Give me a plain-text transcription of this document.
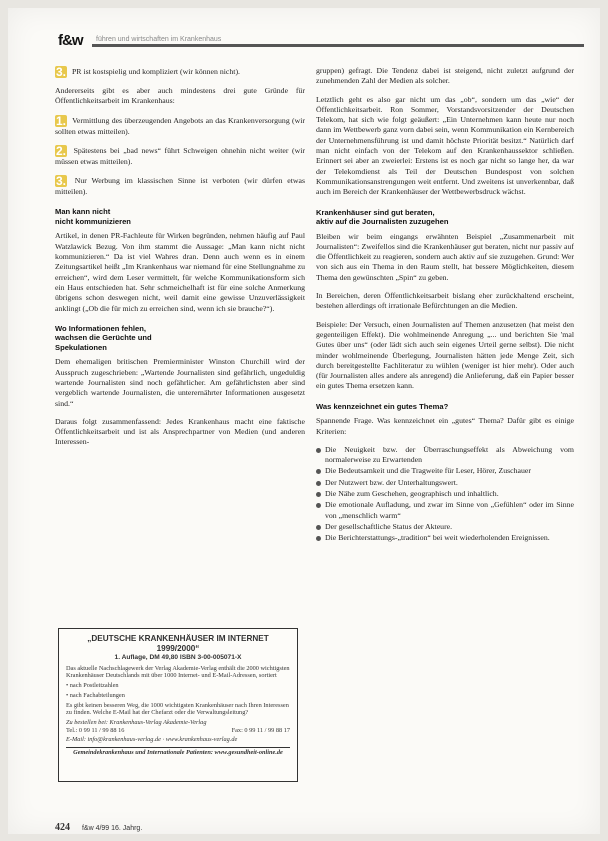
f&w führen und wirtschaften im Krankenhaus

3. PR ist kostspielig und kompliziert (wir können nicht).

Andererseits gibt es aber auch mindestens drei gute Gründe für Öffentlichkeitsarbeit im Krankenhaus:

1. Vermittlung des überzeugenden Angebots an das Krankenversorgung (wir sollten etwas mitteilen).

2. Spätestens bei „bad news“ führt Schweigen ohnehin nicht weiter (wir müssen etwas mitteilen).

3. Nur Werbung im klassischen Sinne ist verboten (wir dürfen etwas mitteilen).

Man kann nicht
nicht kommunizieren

Artikel, in denen PR-Fachleute für Wirken begründen, nehmen häufig auf Paul Watzlawick Bezug. Von ihm stammt die Aussage: „Man kann nicht nicht kommunizieren.“ Da ist viel Wahres dran. Denn auch wenn es in einem Zeitungsartikel heißt „Im Krankenhaus war niemand für eine Stellungnahme zu erreichen“, wird dem Leser vermittelt, für welche Kommunikationsform sich ein Haus entschieden hat. Sehr schmeichelhaft ist für eine solche Anmerkung übrigens schon deswegen nicht, weil damit eine gewisse Unzuverlässigkeit anklingt („Ob die für mich zu erreichen sind, wenn ich sie brauche?“).

Wo Informationen fehlen,
wachsen die Gerüchte und
Spekulationen

Dem ehemaligen britischen Premierminister Winston Churchill wird der Ausspruch zugeschrieben: „Wartende Journalisten sind gefährlich, ungeduldig wartende Journalisten sind noch gefährlicher. Am gefährlichsten aber sind vergeblich wartende Journalisten, die unterernährter Informationen ausgesetzt sind.“

Daraus folgt zusammenfassend: Jedes Krankenhaus macht eine faktische Öffentlichkeitsarbeit und ist als Ansprechpartner von Medien (und anderen Interessen-

„DEUTSCHE KRANKENHÄUSER IM INTERNET

1999/2000“

1. Auflage, DM 49,80 ISBN 3-00-005071-X

Das aktuelle Nachschlagewerk der Verlag Akademie-Verlag enthält die 2000 wichtigsten Krankenhäuser Deutschlands mit über 1000 Internet- und E-Mail-Adressen, sortiert

• nach Postleitzahlen

• nach Fachabteilungen

Es gibt keinen besseren Weg, die 1000 wichtigsten Krankenhäuser nach Ihren Interessen zu finden. Welche E-Mail hat der Chefarzt oder die Verwaltungsleitung?

Zu bestellen bei: Krankenhaus-Verlag Akademie-Verlag

Tel.: 0 99 11 / 99 88 16	Fax: 0 99 11 / 99 88 17

E-Mail: info@krankenhaus-verlag.de · www.krankenhaus-verlag.de

Gemeindekrankenhaus und Internationale Patienten: www.gesundheit-online.de

gruppen) gefragt. Die Tendenz dabei ist steigend, nicht zuletzt aufgrund der zunehmenden Zahl der Medien als solcher.

Letztlich geht es also gar nicht um das „ob“, sondern um das „wie“ der Öffentlichkeitsarbeit. Ron Sommer, Vorstandsvorsitzender der Deutschen Telekom, hat sich wie folgt geäußert: „Ein Unternehmen kann heute nur noch dann im Wettbewerb ganz vorn dabei sein, wenn Kommunikation ein Kernbereich der Unternehmensführung ist und damit höchste Priorität besitzt.“ Natürlich darf man nicht einfach von der Telekom auf den Krankenhaussektor schließen. Erinnert sei aber an zweierlei: Erstens ist es noch gar nicht so lange her, da war der Telekomdienst als Teil der Deutschen Bundespost von solchen Kommunikationsanstrengungen weit entfernt. Und zweitens ist unverkennbar, daß auch im Bereich der Krankenhäuser der Wettbewerbsdruck wächst.

Krankenhäuser sind gut beraten,
aktiv auf die Journalisten zuzugehen

Bleiben wir beim eingangs erwähnten Beispiel „Zusammenarbeit mit Journalisten“: Zweifellos sind die Krankenhäuser gut beraten, nicht nur passiv auf die Öffentlichkeit zu reagieren, sondern auch aktiv auf sie zuzugehen. Grund: Wer von sich aus ein Thema in den Raum stellt, hat bessere Möglichkeiten, diesem Thema den gewünschten „Spin“ zu geben.

In Bereichen, deren Öffentlichkeitsarbeit bislang eher zurückhaltend erscheint, bestehen allerdings oft irrationale Befürchtungen an die Medien.

Beispiele: Der Versuch, einen Journalisten auf Themen anzusetzen (hat meist den gegenteiligen Effekt). Die wohlmeinende Anregung „... und berichten Sie 'mal Gutes über uns“ (oder lädt sich auch sein eigenes Urteil gerne selbst). Die nicht minder wohlmeinende Überlegung, Journalisten hätten jede Menge Zeit, sich durch bereitgestellte Fachliteratur zu wühlen (weniger ist hier mehr). Oder auch (für Journalisten alles andere als anregend) die Anlieferung, daß ein Papier besser ein gutes Thema ersetzen kann.

Was kennzeichnet ein gutes Thema?

Spannende Frage. Was kennzeichnet ein „gutes“ Thema? Dafür gibt es einige Kriterien:

Die Neuigkeit bzw. der Überraschungseffekt als Abweichung vom normalerweise zu Erwartenden
Die Bedeutsamkeit und die Tragweite für Leser, Hörer, Zuschauer
Der Nutzwert bzw. der Unterhaltungswert.
Die Nähe zum Geschehen, geographisch und inhaltlich.
Die emotionale Aufladung, und zwar im Sinne von „Gefühlen“ oder im Sinne von „menschlich warm“
Der gesellschaftliche Status der Akteure.
Die Berichterstattungs-„tradition“ bei weit wiederholenden Ereignissen.
424 f&w 4/99 16. Jahrg.
